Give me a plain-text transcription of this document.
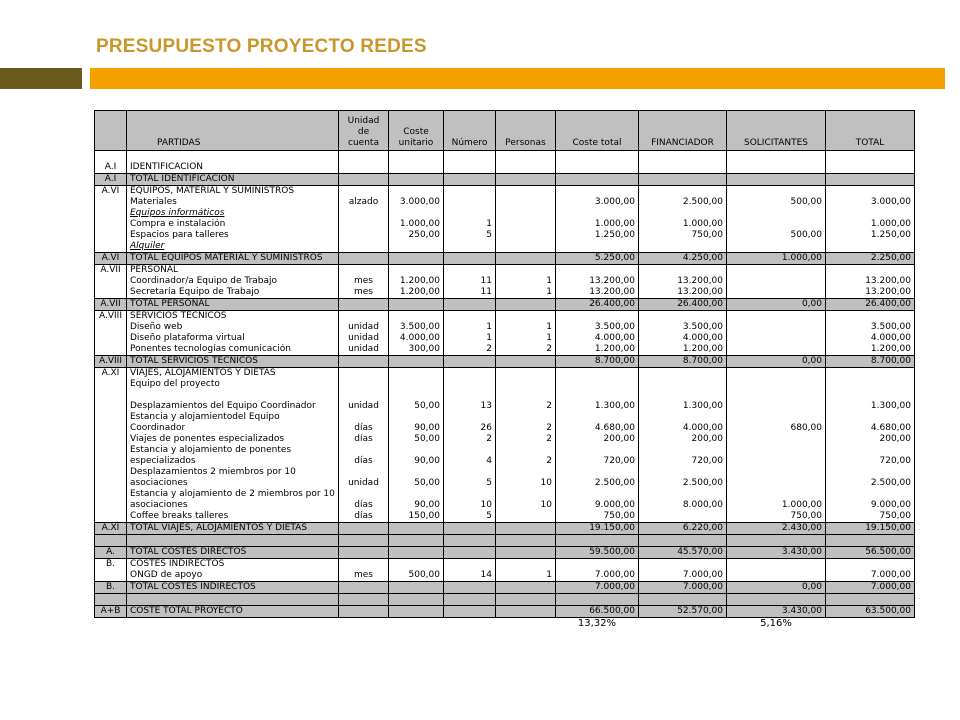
PRESUPUESTO PROYECTO REDES
	PARTIDAS	Unidad de cuenta	Coste unitario	Número	Personas	Coste total	FINANCIADOR	SOLICITANTES	TOTAL

A.I	IDENTIFICACIÓN								
A.I	TOTAL IDENTIFICACIÓN								
A.VI	EQUIPOS, MATERIAL Y SUMINISTROS								
	Materiales	alzado	3.000,00			3.000,00	2.500,00	500,00	3.000,00
	Equipos informáticos								
	Compra e instalación		1.000,00	1		1.000,00	1.000,00		1.000,00
	Espacios para talleres		250,00	5		1.250,00	750,00	500,00	1.250,00
	Alquiler								
A.VI	TOTAL EQUIPOS MATERIAL Y SUMINISTROS					5.250,00	4.250,00	1.000,00	2.250,00
A.VII	PERSONAL								
	Coordinador/a Equipo de Trabajo	mes	1.200,00	11	1	13.200,00	13.200,00		13.200,00
	Secretaría Equipo de Trabajo	mes	1.200,00	11	1	13.200,00	13.200,00		13.200,00
A.VII	TOTAL PERSONAL					26.400,00	26.400,00	0,00	26.400,00
A.VIII	SERVICIOS TÉCNICOS								
	Diseño web	unidad	3.500,00	1	1	3.500,00	3.500,00		3.500,00
	Diseño plataforma virtual	unidad	4.000,00	1	1	4.000,00	4.000,00		4.000,00
	Ponentes tecnologías comunicación	unidad	300,00	2	2	1.200,00	1.200,00		1.200,00
A.VIII	TOTAL SERVICIOS TÉCNICOS					8.700,00	8.700,00	0,00	8.700,00
A.XI	VIAJES, ALOJAMIENTOS Y DIETAS								
	Equipo del proyecto								

	Desplazamientos del Equipo Coordinador	unidad	50,00	13	2	1.300,00	1.300,00		1.300,00
	Estancia y alojamientodel Equipo Coordinador	días	90,00	26	2	4.680,00	4.000,00	680,00	4.680,00
	Viajes de ponentes especializados	días	50,00	2	2	200,00	200,00		200,00
	Estancia y alojamiento de ponentes especializados	días	90,00	4	2	720,00	720,00		720,00
	Desplazamientos 2 miembros por 10 asociaciones	unidad	50,00	5	10	2.500,00	2.500,00		2.500,00
	Estancia y alojamiento de 2 miembros por 10 asociaciones	días	90,00	10	10	9.000,00	8.000,00	1.000,00	9.000,00
	Coffee breaks talleres	días	150,00	5		750,00		750,00	750,00
A.XI	TOTAL VIAJES, ALOJAMIENTOS Y DIETAS					19.150,00	6.220,00	2.430,00	19.150,00

A.	TOTAL COSTES DIRECTOS					59.500,00	45.570,00	3.430,00	56.500,00
B.	COSTES INDIRECTOS								
	ONGD de apoyo	mes	500,00	14	1	7.000,00	7.000,00		7.000,00
B.	TOTAL COSTES INDIRECTOS					7.000,00	7.000,00	0,00	7.000,00

A+B	COSTE TOTAL PROYECTO					66.500,00	52.570,00	3.430,00	63.500,00
						13,32%		5,16%	
